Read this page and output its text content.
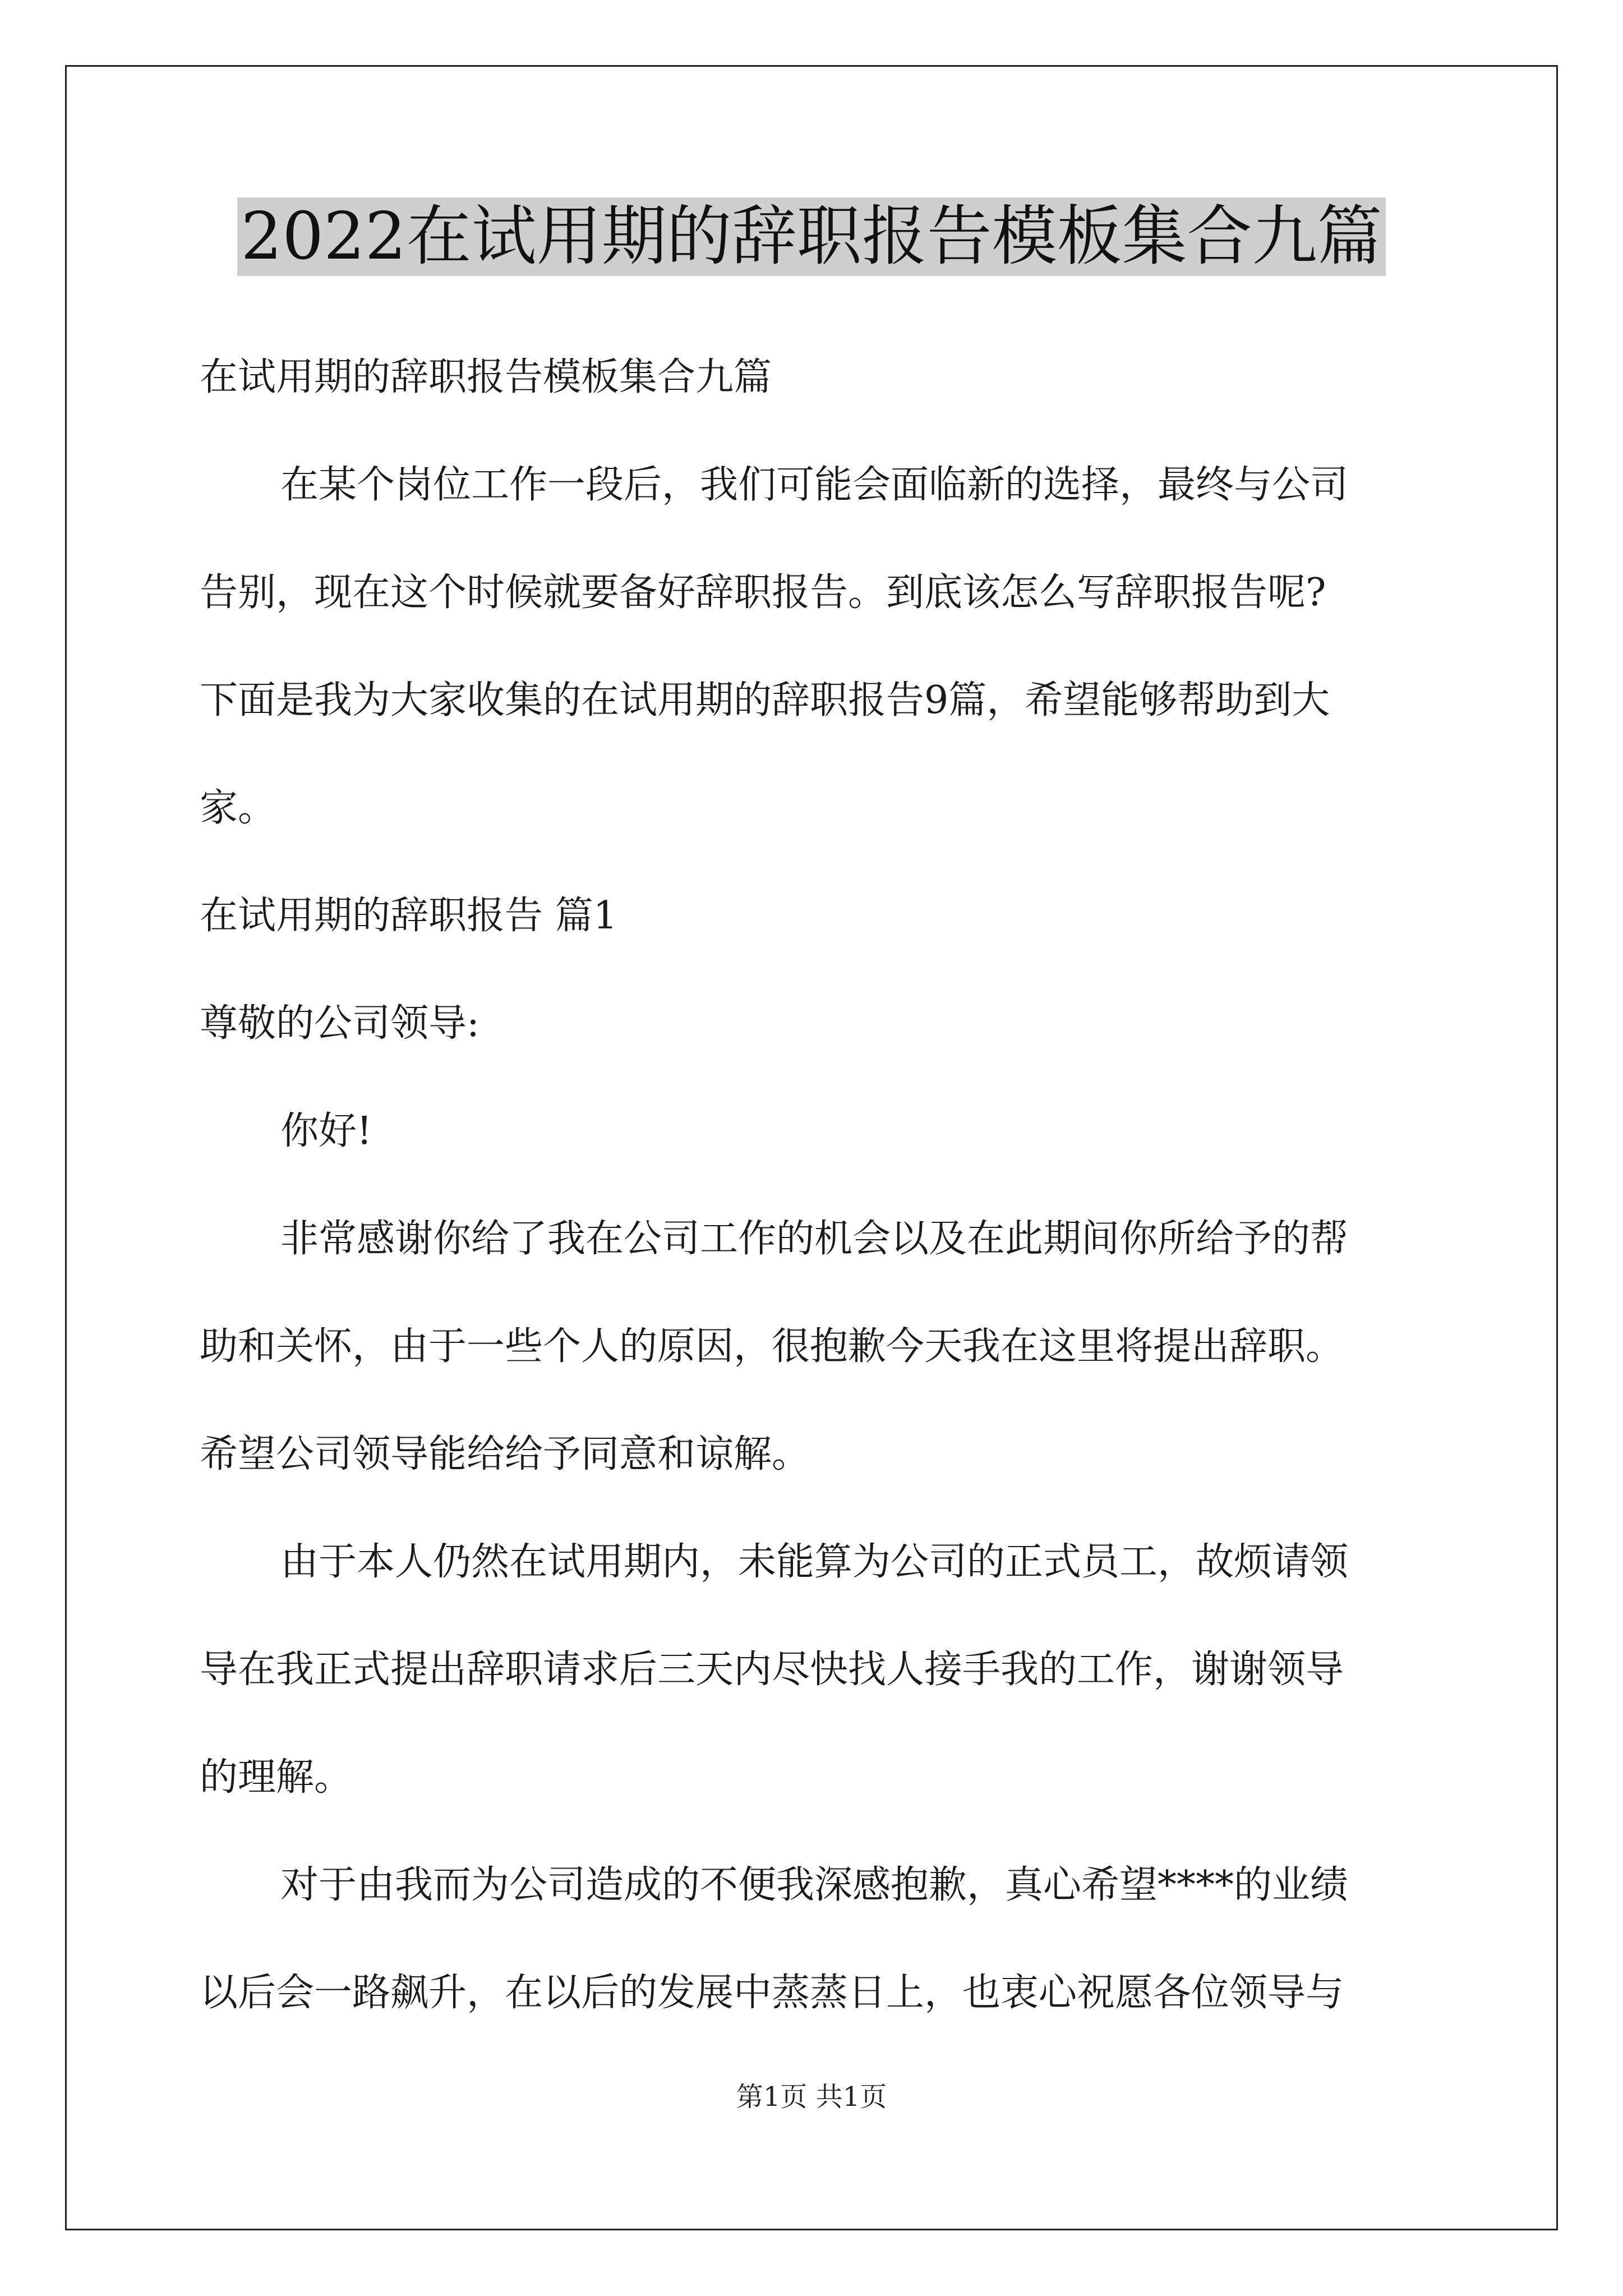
2022在试用期的辞职报告模板集合九篇
在试用期的辞职报告模板集合九篇
在某个岗位工作一段后，我们可能会面临新的选择，最终与公司
告别，现在这个时候就要备好辞职报告。到底该怎么写辞职报告呢?
下面是我为大家收集的在试用期的辞职报告9篇，希望能够帮助到大
家。
在试用期的辞职报告 篇1
尊敬的公司领导:
你好!
非常感谢你给了我在公司工作的机会以及在此期间你所给予的帮
助和关怀，由于一些个人的原因，很抱歉今天我在这里将提出辞职。
希望公司领导能给给予同意和谅解。
由于本人仍然在试用期内，未能算为公司的正式员工，故烦请领
导在我正式提出辞职请求后三天内尽快找人接手我的工作，谢谢领导
的理解。
对于由我而为公司造成的不便我深感抱歉，真心希望****的业绩
以后会一路飙升，在以后的发展中蒸蒸日上，也衷心祝愿各位领导与
第1页 共1页
